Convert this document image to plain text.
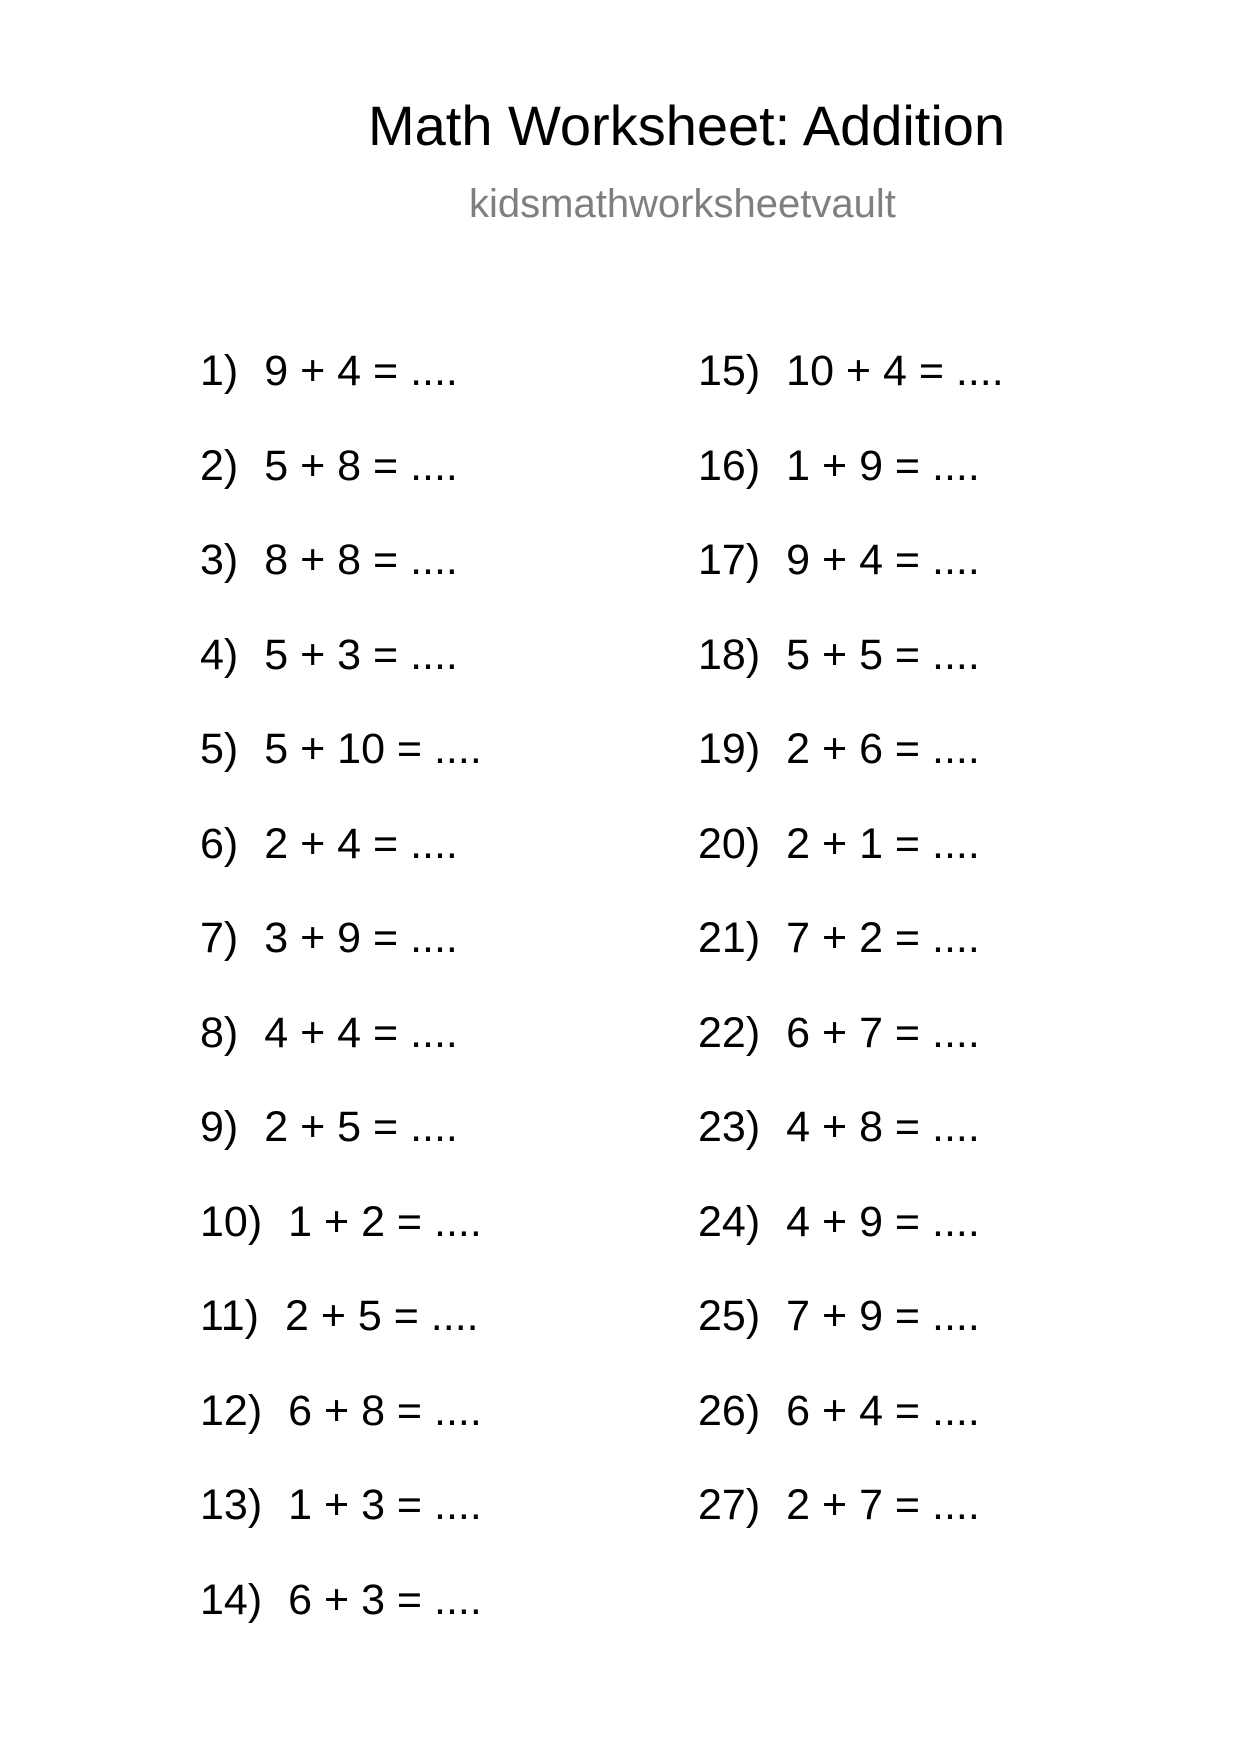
Math Worksheet: Addition
kidsmathworksheetvault
1) 9 + 4 = ....
2) 5 + 8 = ....
3) 8 + 8 = ....
4) 5 + 3 = ....
5) 5 + 10 = ....
6) 2 + 4 = ....
7) 3 + 9 = ....
8) 4 + 4 = ....
9) 2 + 5 = ....
10) 1 + 2 = ....
11) 2 + 5 = ....
12) 6 + 8 = ....
13) 1 + 3 = ....
14) 6 + 3 = ....
15) 10 + 4 = ....
16) 1 + 9 = ....
17) 9 + 4 = ....
18) 5 + 5 = ....
19) 2 + 6 = ....
20) 2 + 1 = ....
21) 7 + 2 = ....
22) 6 + 7 = ....
23) 4 + 8 = ....
24) 4 + 9 = ....
25) 7 + 9 = ....
26) 6 + 4 = ....
27) 2 + 7 = ....
